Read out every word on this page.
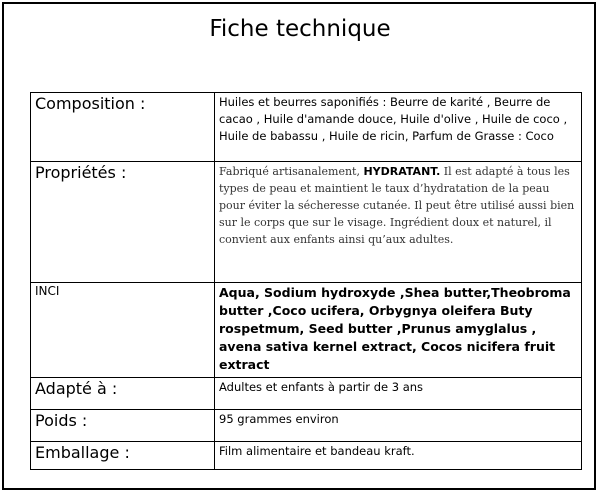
Fiche technique
Composition :	Huiles et beurres saponifiés : Beurre de karité , Beurre de cacao , Huile d'amande douce, Huile d'olive , Huile de coco , Huile de babassu , Huile de ricin, Parfum de Grasse : Coco
Propriétés :	Fabriqué artisanalement, HYDRATANT. Il est adapté à tous les types de peau et maintient le taux d’hydratation de la peau pour éviter la sécheresse cutanée. Il peut être utilisé aussi bien sur le corps que sur le visage. Ingrédient doux et naturel, il convient aux enfants ainsi qu’aux adultes.
INCI	Aqua, Sodium hydroxyde ,Shea butter,Theobroma butter ,Coco ucifera, Orbygnya oleifera Buty rospetmum, Seed butter ,Prunus amyglalus , avena sativa kernel extract, Cocos nicifera fruit extract
Adapté à :	Adultes et enfants à partir de 3 ans
Poids :	95 grammes environ
Emballage :	Film alimentaire et bandeau kraft.
